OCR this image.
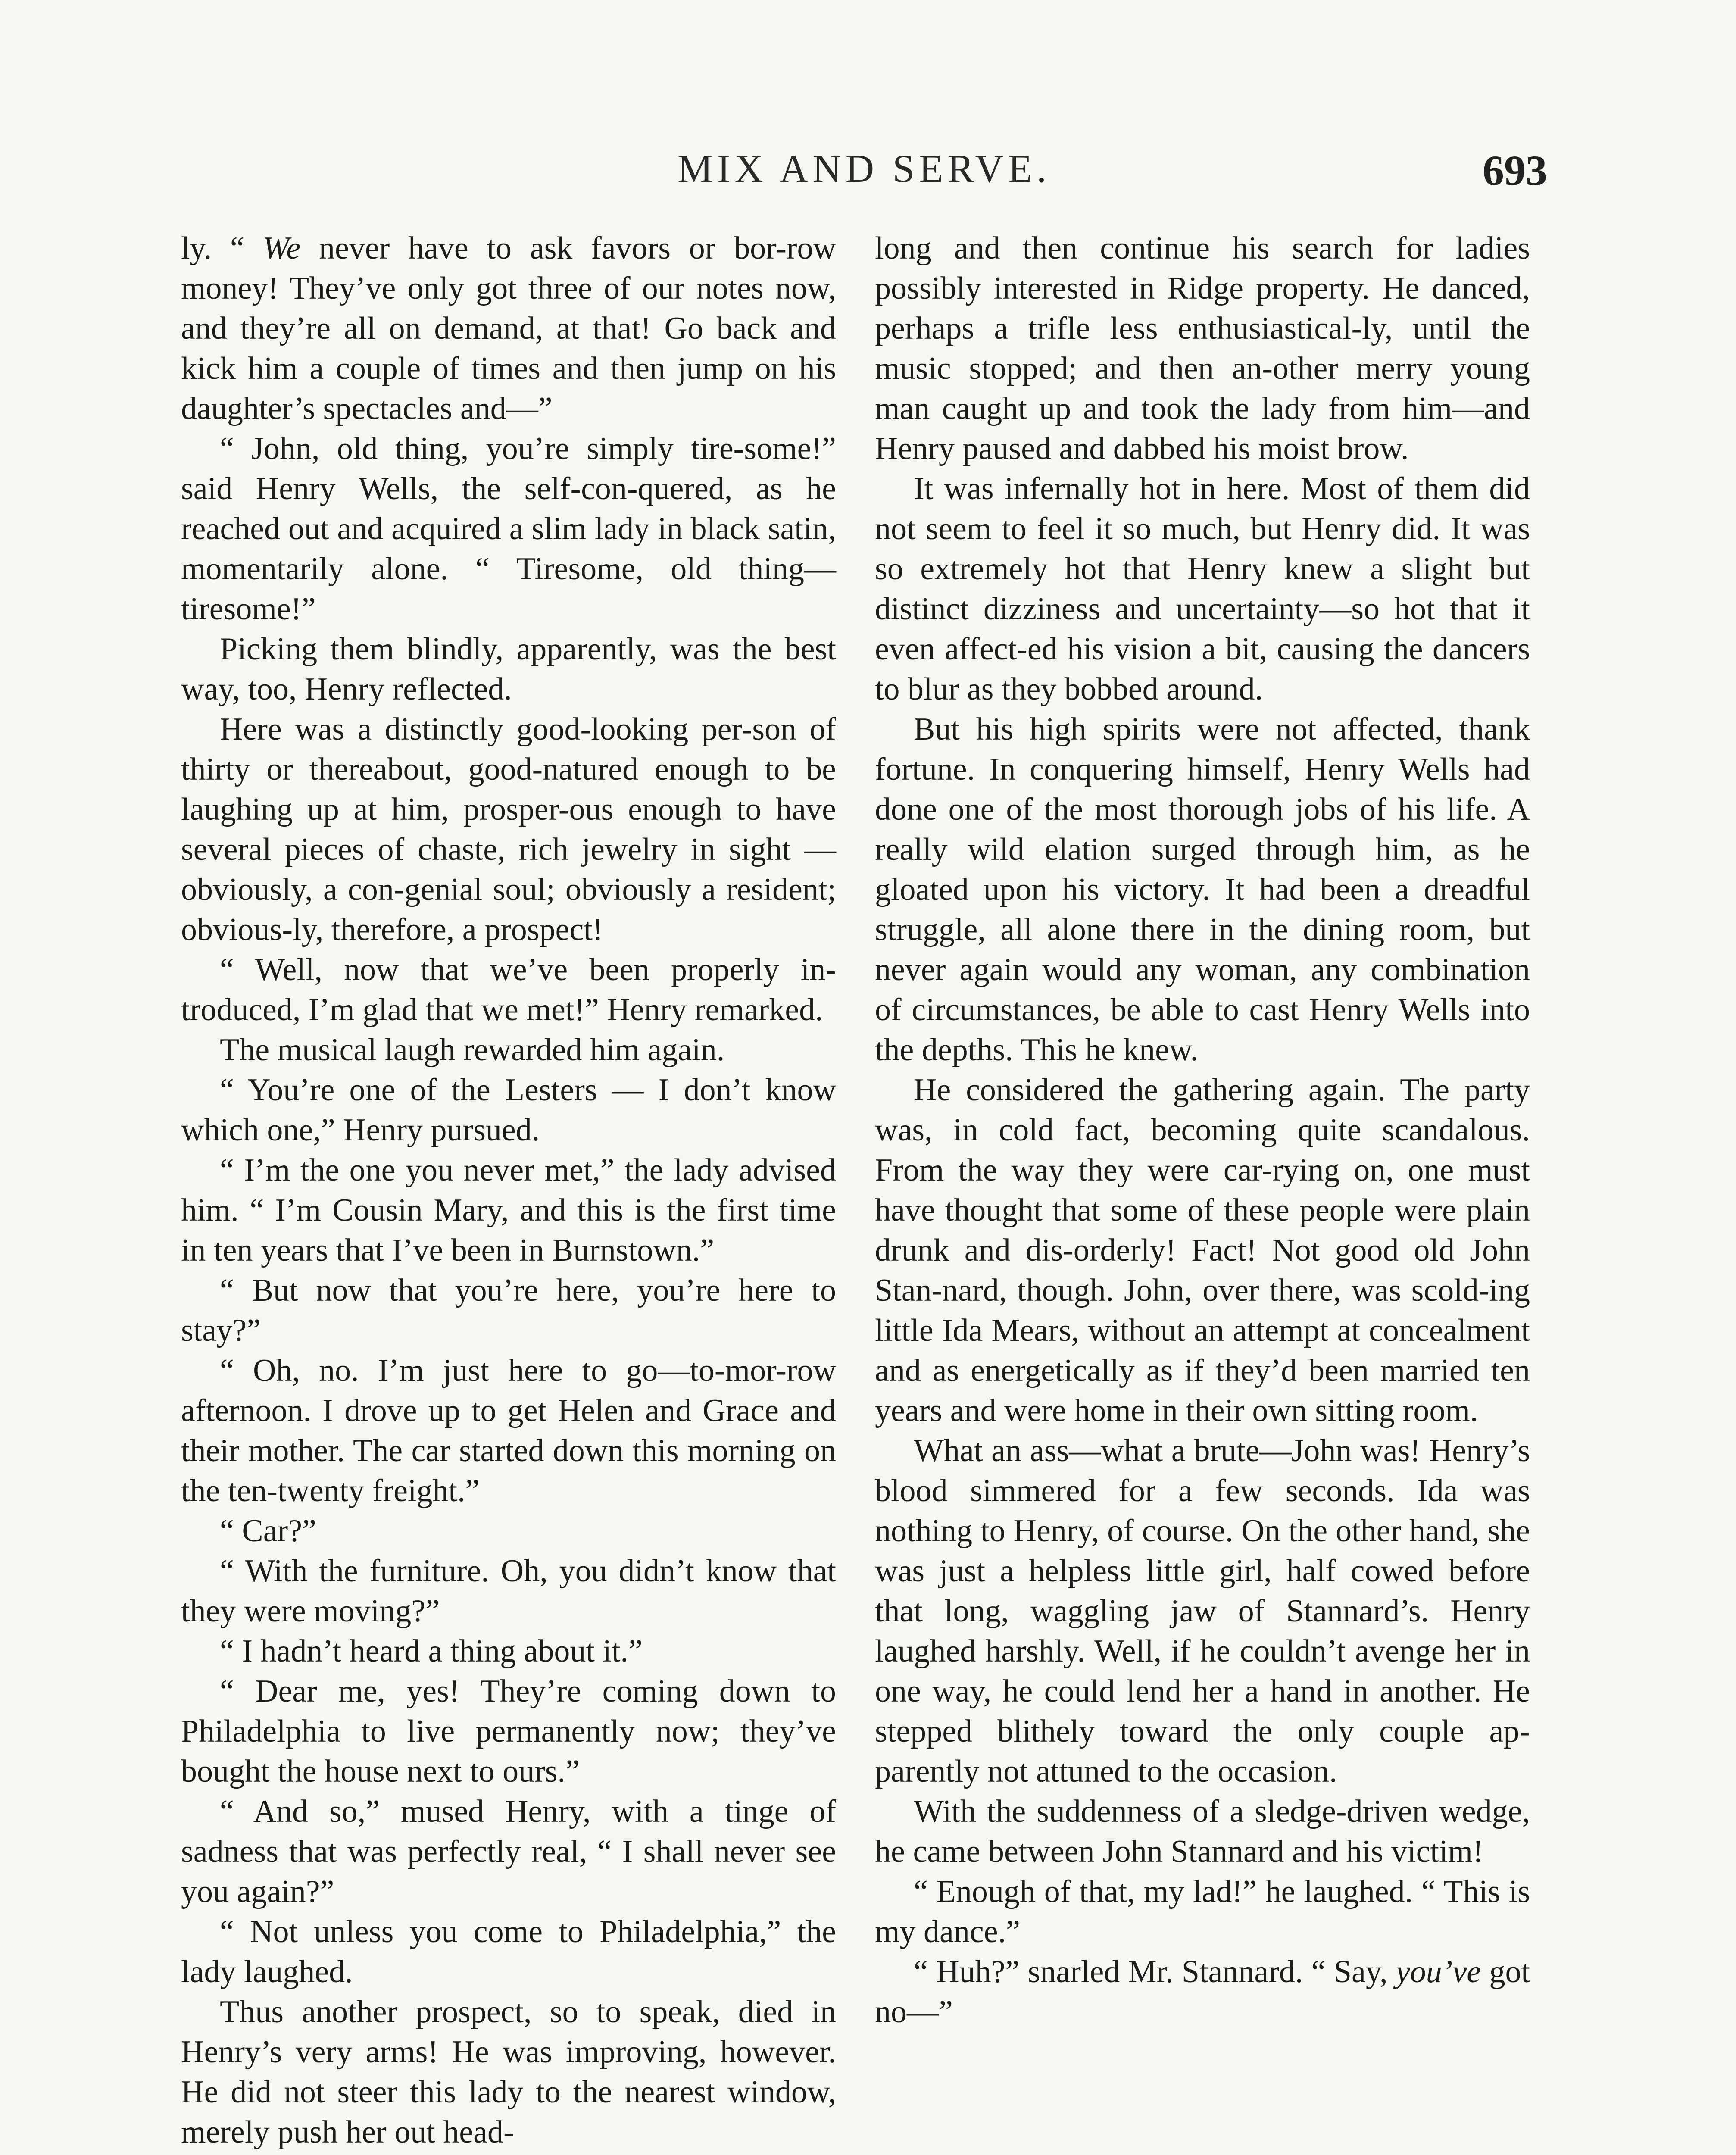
MIX AND SERVE.	693

ly. “ We never have to ask favors or bor-row money! They’ve only got three of our notes now, and they’re all on demand, at that! Go back and kick him a couple of times and then jump on his daughter’s spectacles and—”

“ John, old thing, you’re simply tire-some!” said Henry Wells, the self-con-quered, as he reached out and acquired a slim lady in black satin, momentarily alone. “ Tiresome, old thing—tiresome!”

Picking them blindly, apparently, was the best way, too, Henry reflected.

Here was a distinctly good-looking per-son of thirty or thereabout, good-natured enough to be laughing up at him, prosper-ous enough to have several pieces of chaste, rich jewelry in sight — obviously, a con-genial soul; obviously a resident; obvious-ly, therefore, a prospect!

“ Well, now that we’ve been properly in-troduced, I’m glad that we met!” Henry remarked.

The musical laugh rewarded him again.

“ You’re one of the Lesters — I don’t know which one,” Henry pursued.

“ I’m the one you never met,” the lady advised him. “ I’m Cousin Mary, and this is the first time in ten years that I’ve been in Burnstown.”

“ But now that you’re here, you’re here to stay?”

“ Oh, no. I’m just here to go—to-mor-row afternoon. I drove up to get Helen and Grace and their mother. The car started down this morning on the ten-twenty freight.”

“ Car?”

“ With the furniture. Oh, you didn’t know that they were moving?”

“ I hadn’t heard a thing about it.”

“ Dear me, yes! They’re coming down to Philadelphia to live permanently now; they’ve bought the house next to ours.”

“ And so,” mused Henry, with a tinge of sadness that was perfectly real, “ I shall never see you again?”

“ Not unless you come to Philadelphia,” the lady laughed.

Thus another prospect, so to speak, died in Henry’s very arms! He was improving, however. He did not steer this lady to the nearest window, merely push her out head-

long and then continue his search for ladies possibly interested in Ridge property. He danced, perhaps a trifle less enthusiastical-ly, until the music stopped; and then an-other merry young man caught up and took the lady from him—and Henry paused and dabbed his moist brow.

It was infernally hot in here. Most of them did not seem to feel it so much, but Henry did. It was so extremely hot that Henry knew a slight but distinct dizziness and uncertainty—so hot that it even affect-ed his vision a bit, causing the dancers to blur as they bobbed around.

But his high spirits were not affected, thank fortune. In conquering himself, Henry Wells had done one of the most thorough jobs of his life. A really wild elation surged through him, as he gloated upon his victory. It had been a dreadful struggle, all alone there in the dining room, but never again would any woman, any combination of circumstances, be able to cast Henry Wells into the depths. This he knew.

He considered the gathering again. The party was, in cold fact, becoming quite scandalous. From the way they were car-rying on, one must have thought that some of these people were plain drunk and dis-orderly! Fact! Not good old John Stan-nard, though. John, over there, was scold-ing little Ida Mears, without an attempt at concealment and as energetically as if they’d been married ten years and were home in their own sitting room.

What an ass—what a brute—John was! Henry’s blood simmered for a few seconds. Ida was nothing to Henry, of course. On the other hand, she was just a helpless little girl, half cowed before that long, waggling jaw of Stannard’s. Henry laughed harshly. Well, if he couldn’t avenge her in one way, he could lend her a hand in another. He stepped blithely toward the only couple ap-parently not attuned to the occasion.

With the suddenness of a sledge-driven wedge, he came between John Stannard and his victim!

“ Enough of that, my lad!” he laughed. “ This is my dance.”

“ Huh?” snarled Mr. Stannard. “ Say, you’ve got no—”
